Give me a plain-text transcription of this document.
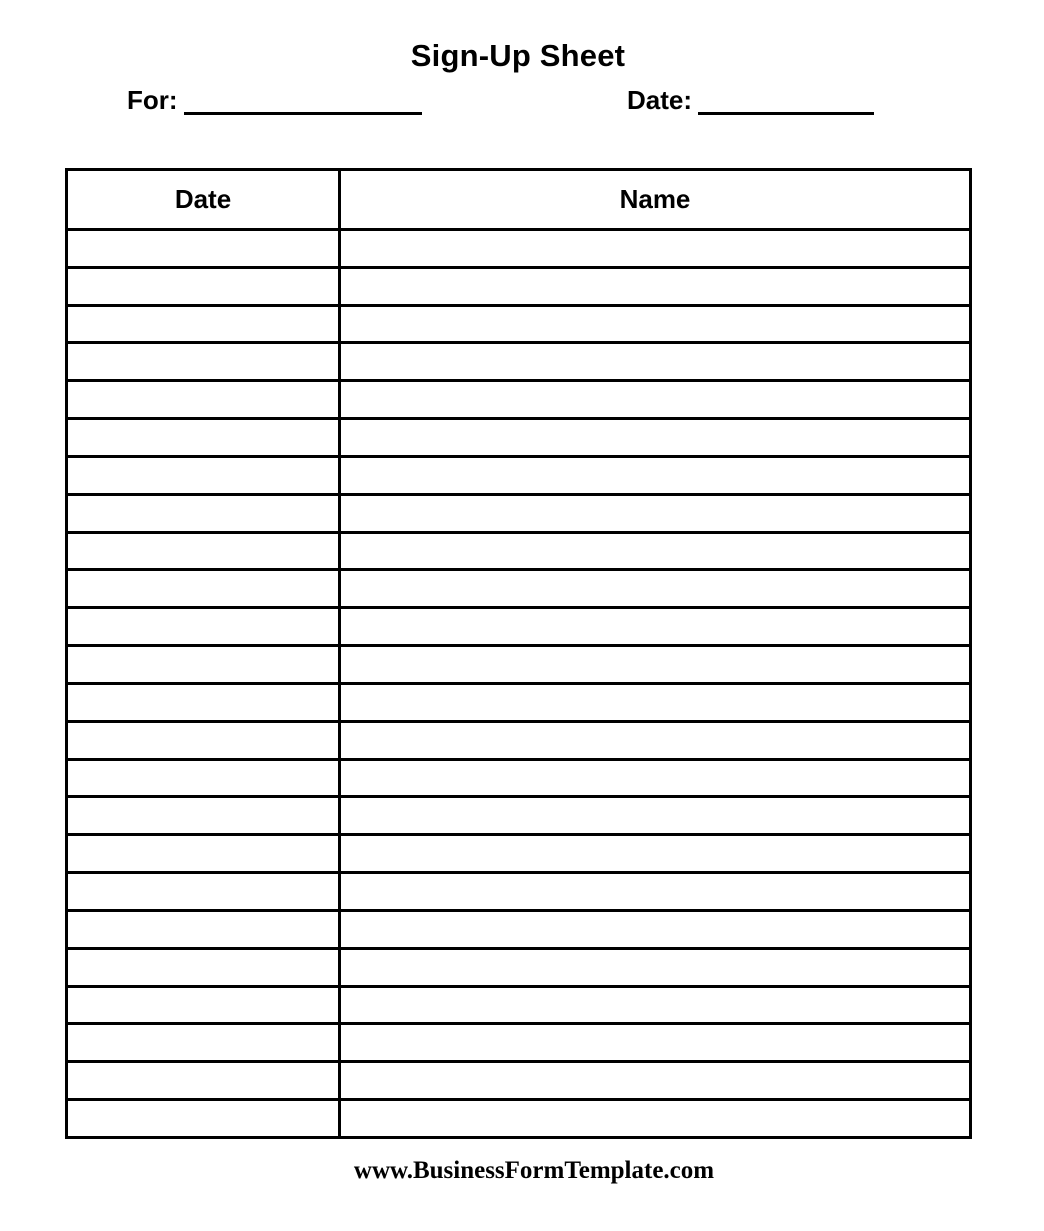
Sign-Up Sheet
For:	Date:
Date	Name
www.BusinessFormTemplate.com
